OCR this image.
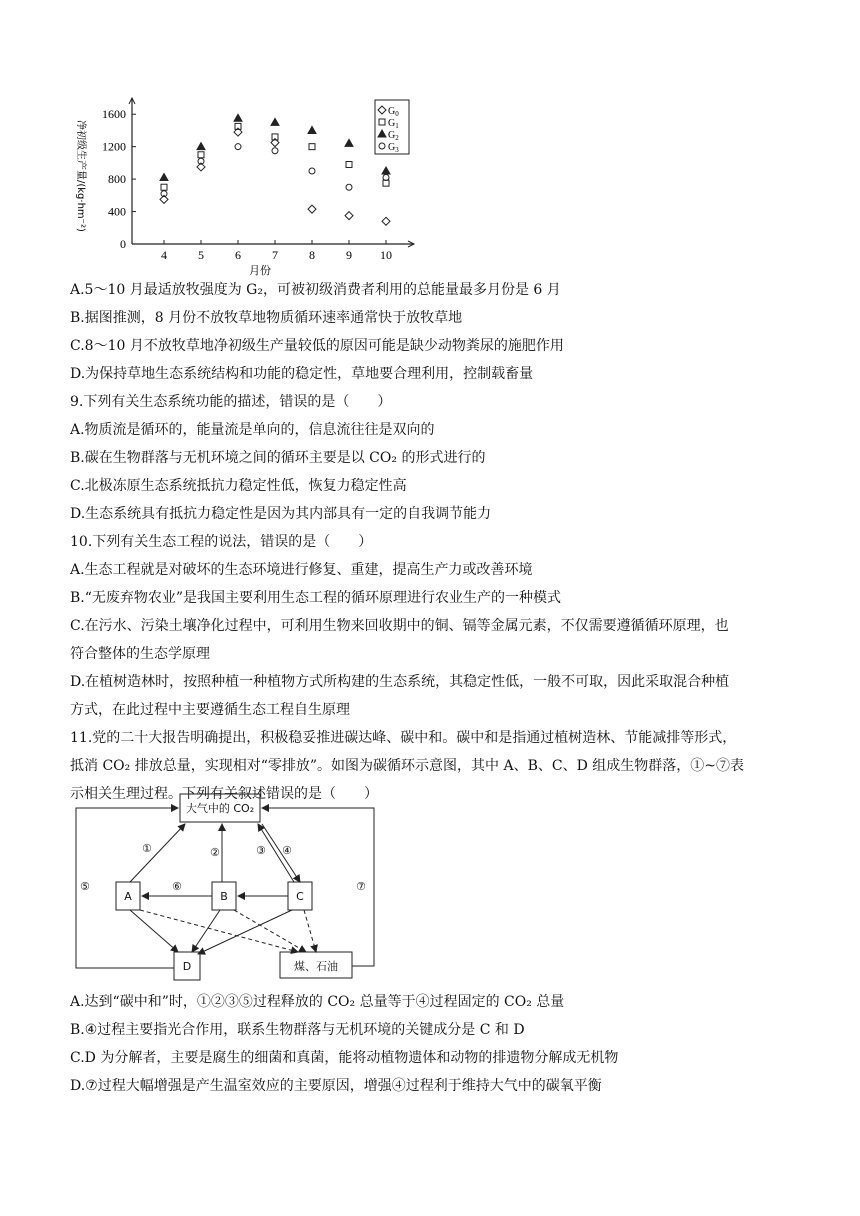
0
400
800
1200
1600
4	5	6	7	8	9 10
月份
净初级生产量/(kg·hm⁻²)
$G_0$
$G_1$
$G_2$
$G_3$
A.5～10 月最适放牧强度为 G₂，可被初级消费者利用的总能量最多月份是 6 月
B.据图推测，8 月份不放牧草地物质循环速率通常快于放牧草地
C.8～10 月不放牧草地净初级生产量较低的原因可能是缺少动物粪尿的施肥作用
D.为保持草地生态系统结构和功能的稳定性，草地要合理利用，控制载畜量
9.下列有关生态系统功能的描述，错误的是（　　）
A.物质流是循环的，能量流是单向的，信息流往往是双向的
B.碳在生物群落与无机环境之间的循环主要是以 CO₂ 的形式进行的
C.北极冻原生态系统抵抗力稳定性低，恢复力稳定性高
D.生态系统具有抵抗力稳定性是因为其内部具有一定的自我调节能力
10.下列有关生态工程的说法，错误的是（　　）
A.生态工程就是对破坏的生态环境进行修复、重建，提高生产力或改善环境
B.“无废弃物农业”是我国主要利用生态工程的循环原理进行农业生产的一种模式
C.在污水、污染土壤净化过程中，可利用生物来回收期中的铜、镉等金属元素，不仅需要遵循循环原理，也
符合整体的生态学原理
D.在植树造林时，按照种植一种植物方式所构建的生态系统，其稳定性低，一般不可取，因此采取混合种植
方式，在此过程中主要遵循生态工程自生原理
11.党的二十大报告明确提出，积极稳妥推进碳达峰、碳中和。碳中和是指通过植树造林、节能减排等形式，
抵消 CO₂ 排放总量，实现相对“零排放”。如图为碳循环示意图，其中 A、B、C、D 组成生物群落，①~⑦表
示相关生理过程。下列有关叙述错误的是（　　）
大气中的 CO₂
A	B	C
D	煤、石油
①	②	③ ④
⑤	⑥	⑦
A.达到“碳中和”时，①②③⑤过程释放的 CO₂ 总量等于④过程固定的 CO₂ 总量
B.④过程主要指光合作用，联系生物群落与无机环境的关键成分是 C 和 D
C.D 为分解者，主要是腐生的细菌和真菌，能将动植物遗体和动物的排遗物分解成无机物
D.⑦过程大幅增强是产生温室效应的主要原因，增强④过程利于维持大气中的碳氧平衡
